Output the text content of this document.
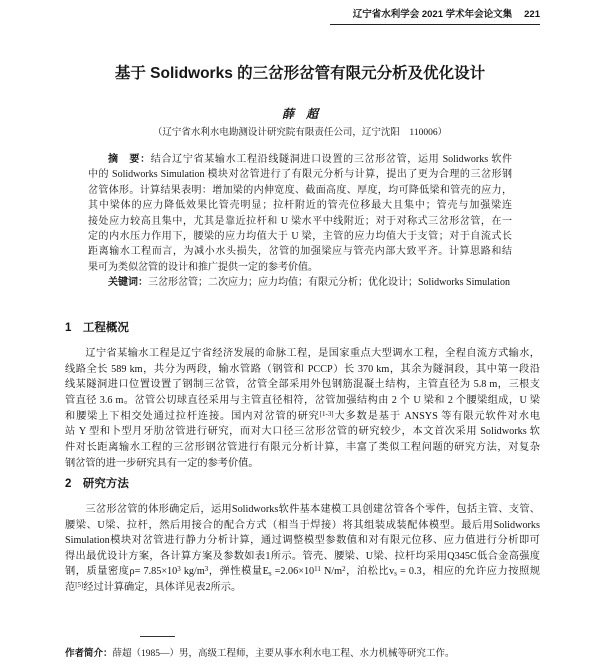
辽宁省水利学会 2021 学术年会论文集 221
基于 Solidworks 的三岔形岔管有限元分析及优化设计
薛　超
（辽宁省水利水电勘测设计研究院有限责任公司，辽宁沈阳　110006）
摘　要：结合辽宁省某输水工程沿线隧洞进口设置的三岔形岔管，运用 Solidworks 软件
中的 Solidworks Simulation 模块对岔管进行了有限元分析与计算，提出了更为合理的三岔形钢
岔管体形。计算结果表明：增加梁的内伸宽度、截面高度、厚度，均可降低梁和管壳的应力，
其中梁体的应力降低效果比管壳明显；拉杆附近的管壳位移最大且集中；管壳与加强梁连
接处应力较高且集中，尤其是靠近拉杆和 U 梁水平中线附近；对于对称式三岔形岔管，在一
定的内水压力作用下，腰梁的应力均值大于 U 梁，主管的应力均值大于支管；对于自流式长
距离输水工程而言，为减小水头损失，岔管的加强梁应与管壳内部大致平齐。计算思路和结
果可为类似岔管的设计和推广提供一定的参考价值。
关键词：三岔形岔管；二次应力；应力均值；有限元分析；优化设计；Solidworks Simulation
1 工程概况
辽宁省某输水工程是辽宁省经济发展的命脉工程，是国家重点大型调水工程，全程自流方式输水，
线路全长 589 km，共分为两段，输水管路（钢管和 PCCP）长 370 km，其余为隧洞段，其中第一段沿
线某隧洞进口位置设置了钢制三岔管，岔管全部采用外包钢筋混凝土结构，主管直径为 5.8 m，三根支
管直径 3.6 m。岔管公切球直径采用与主管直径相符，岔管加强结构由 2 个 U 梁和 2 个腰梁组成，U 梁
和腰梁上下相交处通过拉杆连接。国内对岔管的研究[1-3]大多数是基于 ANSYS 等有限元软件对水电
站 Y 型和卜型月牙肋岔管进行研究，而对大口径三岔形岔管的研究较少，本文首次采用 Solidworks 软
件对长距离输水工程的三岔形钢岔管进行有限元分析计算，丰富了类似工程问题的研究方法，对复杂
钢岔管的进一步研究具有一定的参考价值。
2 研究方法
三岔形岔管的体形确定后，运用Solidworks软件基本建模工具创建岔管各个零件，包括主管、支管、
腰梁、U梁、拉杆，然后用接合的配合方式（相当于焊接）将其组装成装配体模型。最后用Solidworks
Simulation模块对岔管进行静力分析计算，通过调整模型参数值和对有限元位移、应力值进行分析即可
得出最优设计方案，各计算方案及参数如表1所示。管壳、腰梁、U梁、拉杆均采用Q345C低合金高强度
钢，质量密度$\rho= 7.85\times 10^3$ $kg/m^3$，弹性模量$E_s =2.06\times 10^{11}$ $N/m^2$，泊松比$v_s = 0.3$，相应的允许应力按照规
范[5]经过计算确定，具体详见表2所示。
作者简介：薛超（1985—）男，高级工程师，主要从事水利水电工程、水力机械等研究工作。
